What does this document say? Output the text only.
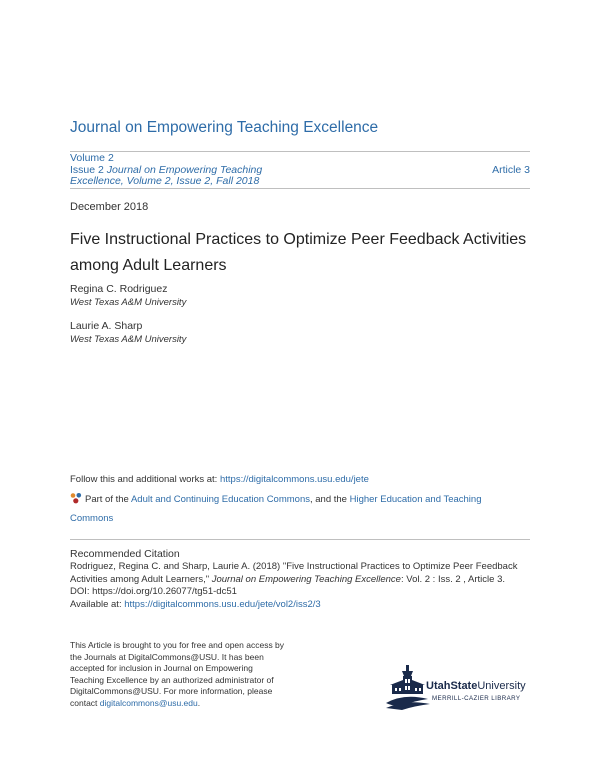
Journal on Empowering Teaching Excellence
Volume 2
Issue 2 Journal on Empowering Teaching
Excellence, Volume 2, Issue 2, Fall 2018
Article 3
December 2018
Five Instructional Practices to Optimize Peer Feedback Activities
among Adult Learners
Regina C. Rodriguez
West Texas A&M University
Laurie A. Sharp
West Texas A&M University
Follow this and additional works at: https://digitalcommons.usu.edu/jete
Part of the Adult and Continuing Education Commons, and the Higher Education and Teaching
Commons
Recommended Citation
Rodriguez, Regina C. and Sharp, Laurie A. (2018) "Five Instructional Practices to Optimize Peer Feedback
Activities among Adult Learners," Journal on Empowering Teaching Excellence: Vol. 2 : Iss. 2 , Article 3.
DOI: https://doi.org/10.26077/tg51-dc51
Available at: https://digitalcommons.usu.edu/jete/vol2/iss2/3
This Article is brought to you for free and open access by
the Journals at DigitalCommons@USU. It has been
accepted for inclusion in Journal on Empowering
Teaching Excellence by an authorized administrator of
DigitalCommons@USU. For more information, please
contact digitalcommons@usu.edu.
UtahStateUniversity
MERRILL-CAZIER LIBRARY
